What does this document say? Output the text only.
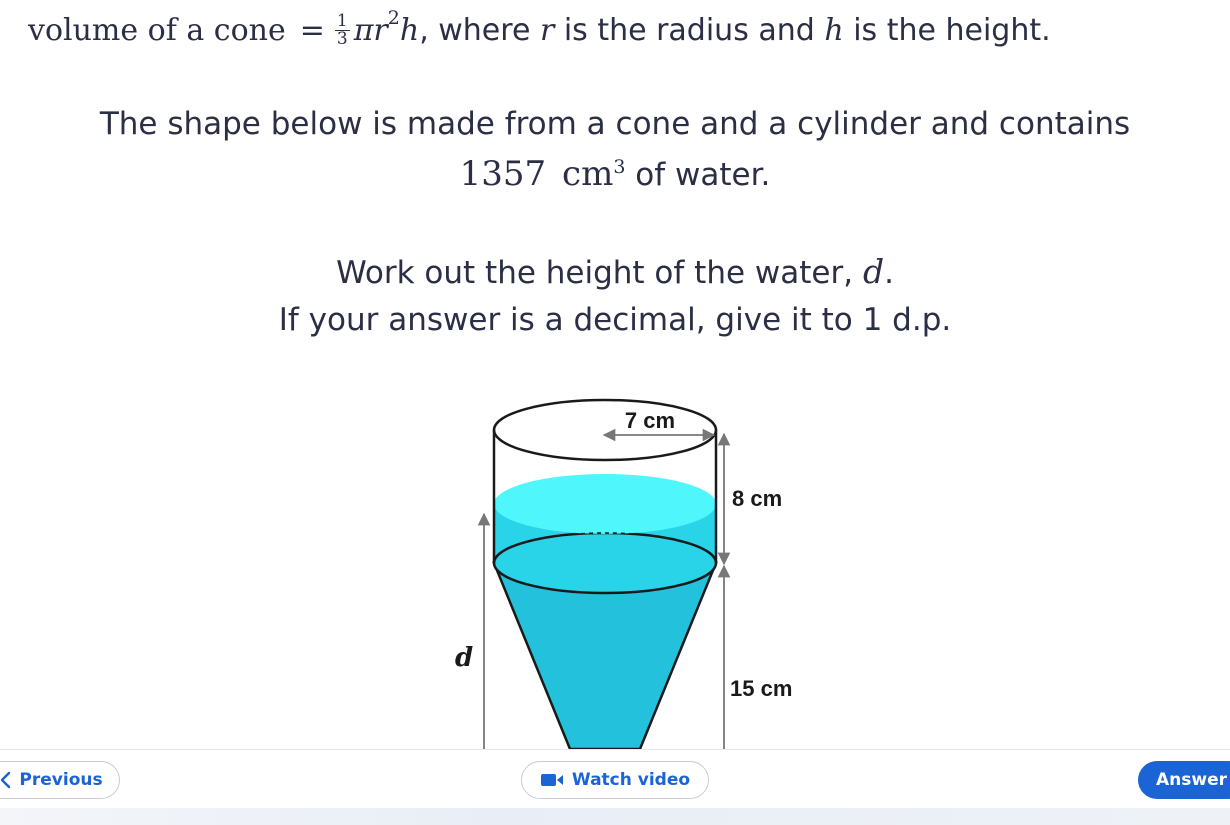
volume of a cone = $\frac{1}{3}$ π r 2 h , where r is the radius and h is the height.
The shape below is made from a cone and a cylinder and contains
1357 $cm^3$ of water.
Work out the height of the water, d.
If your answer is a decimal, give it to 1 d.p.
7 cm
8 cm
15 cm
d
Previous	Watch video	Answer
